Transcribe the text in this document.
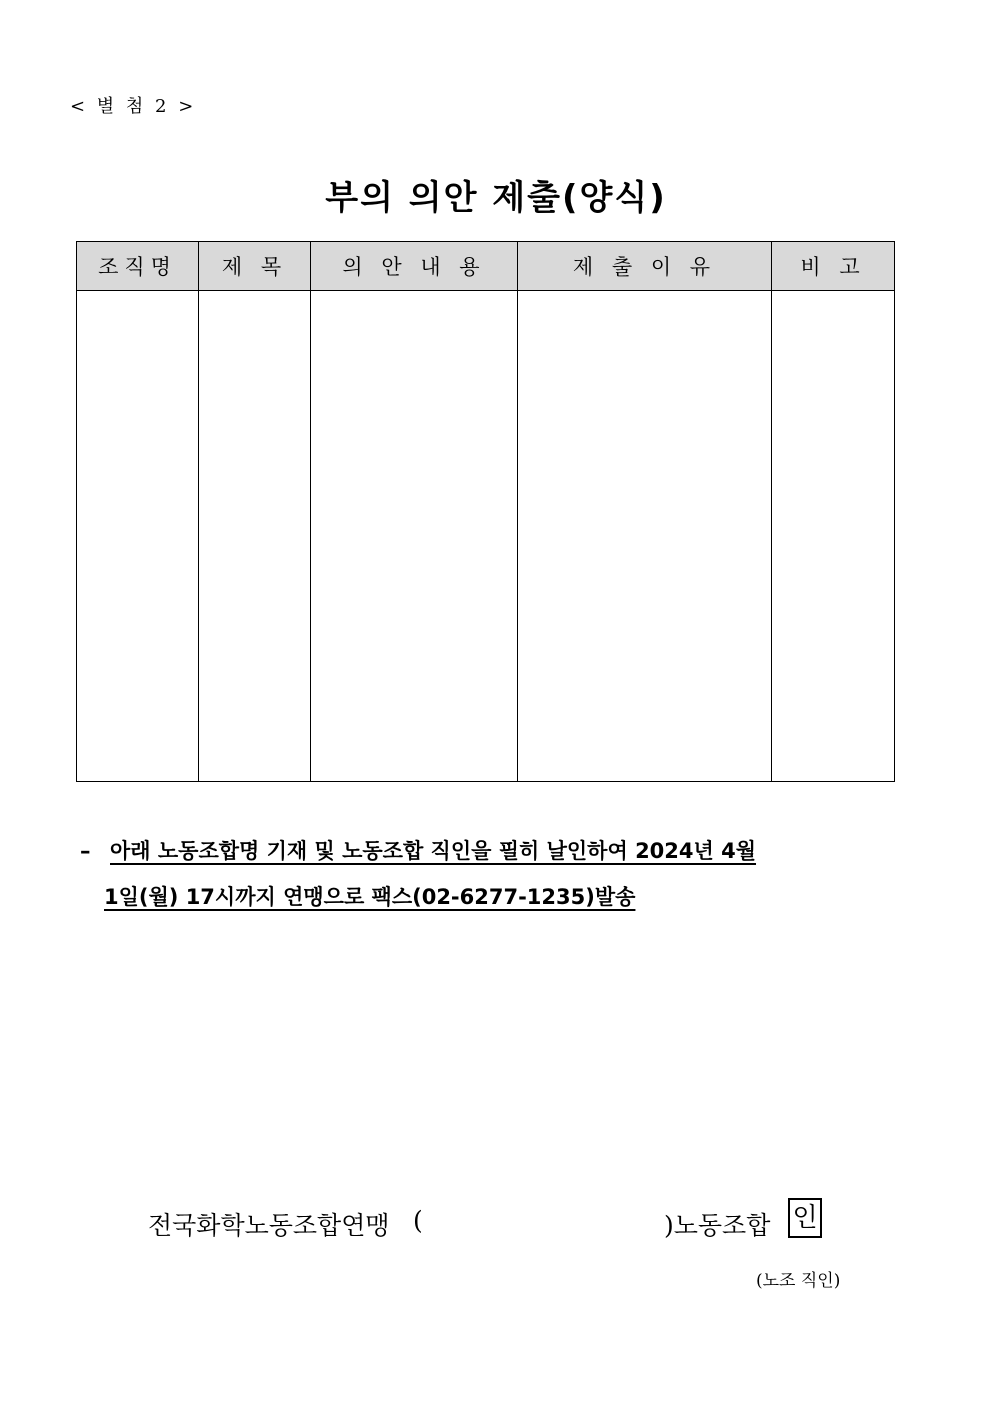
< 별 첨 2 >
부의 의안 제출(양식)
조직명	제 목	의 안 내 용	제 출 이 유	비 고

– 아래 노동조합명 기재 및 노동조합 직인을 필히 날인하여 2024년 4월
1일(월) 17시까지 연맹으로 팩스(02-6277-1235)발송
전국화학노동조합연맹 (	)노동조합 인
(노조 직인)
